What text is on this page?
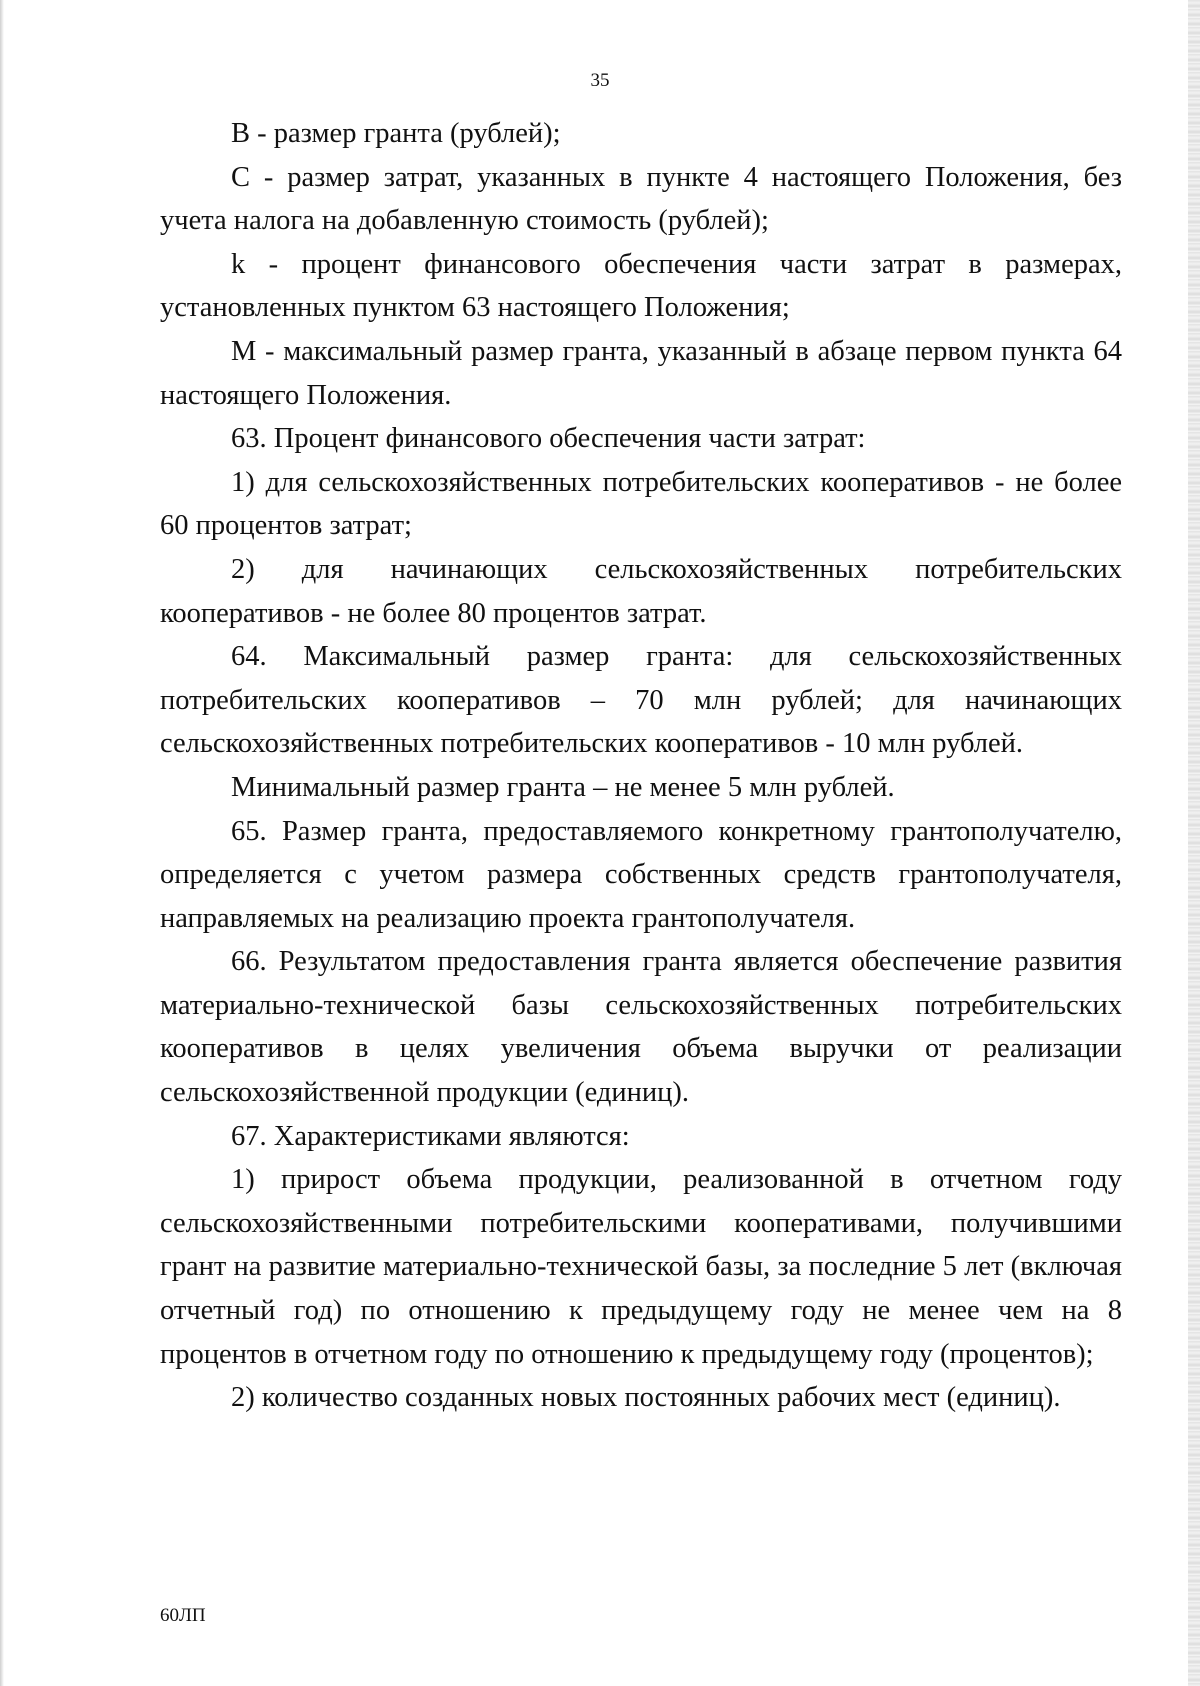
35

В - размер гранта (рублей);

С - размер затрат, указанных в пункте 4 настоящего Положения, без учета налога на добавленную стоимость (рублей);

k - процент финансового обеспечения части затрат в размерах, установленных пунктом 63 настоящего Положения;

М - максимальный размер гранта, указанный в абзаце первом пункта 64 настоящего Положения.

63. Процент финансового обеспечения части затрат:

1) для сельскохозяйственных потребительских кооперативов - не более 60 процентов затрат;

2) для начинающих сельскохозяйственных потребительских кооперативов - не более 80 процентов затрат.

64. Максимальный размер гранта: для сельскохозяйственных потребительских кооперативов – 70 млн рублей; для начинающих сельскохозяйственных потребительских кооперативов - 10 млн рублей.

Минимальный размер гранта – не менее 5 млн рублей.

65. Размер гранта, предоставляемого конкретному грантополучателю, определяется с учетом размера собственных средств грантополучателя, направляемых на реализацию проекта грантополучателя.

66. Результатом предоставления гранта является обеспечение развития материально-технической базы сельскохозяйственных потребительских кооперативов в целях увеличения объема выручки от реализации сельскохозяйственной продукции (единиц).

67. Характеристиками являются:

1) прирост объема продукции, реализованной в отчетном году сельскохозяйственными потребительскими кооперативами, получившими грант на развитие материально-технической базы, за последние 5 лет (включая отчетный год) по отношению к предыдущему году не менее чем на 8 процентов в отчетном году по отношению к предыдущему году (процентов);

2) количество созданных новых постоянных рабочих мест (единиц).

60ЛП
